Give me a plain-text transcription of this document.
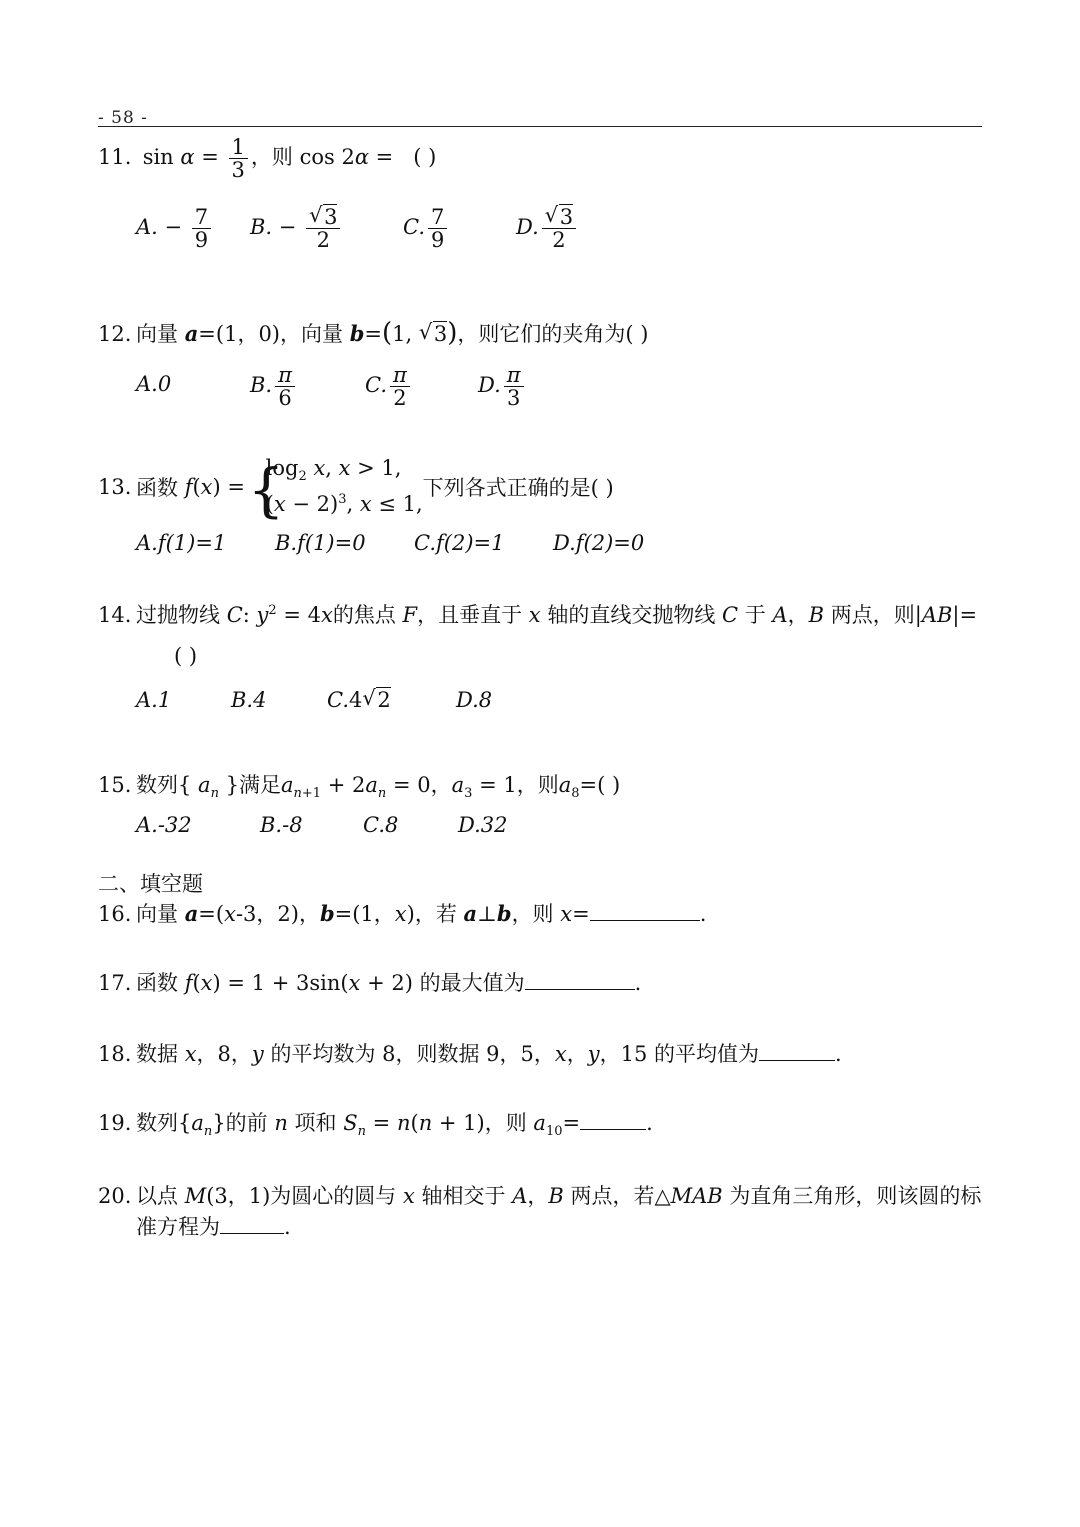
- 58 -
11. $\sin \alpha = \frac{1}{3}$ ，则 cos 2α =   ( )
A. − $\frac{7}{9} B$. − √ $\frac{3}{2}$	C. $\frac{7}{9}$	D. √ $\frac{3}{2}$
12. 向量 a=(1，0)，向量 b=(1, √ 3)，则它们的夹角为( )
A.0	B. $\frac{\pi}{6}$	C. $\frac{\pi}{2}$	D. $\frac{\pi}{3}$
13. 函数 f(x) = { $\log_2 x$, x > 1,
$(x - 2)^3$, x ≤ 1,下列各式正确的是( )
A.f(1)=1 B.f(1)=0 C.f(2)=1 D.f(2)=0
14. 过抛物线 C: $y^2 = 4x$的焦点 F，且垂直于 x 轴的直线交抛物线 C 于 A，B 两点，则|AB|=
( )
A.1	B.4	C.4 √ 2	D.8
15. 数列{ $a_n$ }满足$a_{n+1} + 2a_n = 0$，$a_3 = 1$，则$a_8=$( )
A.-32	B.-8	C.8	D.32
二、填空题
16. 向量 a=(x-3，2)，b=(1，x)，若 a⊥b，则 x=	.
17. 函数 f(x) = 1 + 3sin(x + 2) 的最大值为	.
18. 数据 x，8，y 的平均数为 8，则数据 9，5，x，y，15 的平均值为	.
19. 数列$\{a_n\}$的前 n 项和 $S_n = n(n + 1)$，则 $a_{10}=$	.
20. 以点 M(3，1)为圆心的圆与 x 轴相交于 A，B 两点，若△MAB 为直角三角形，则该圆的标
准方程为	.
